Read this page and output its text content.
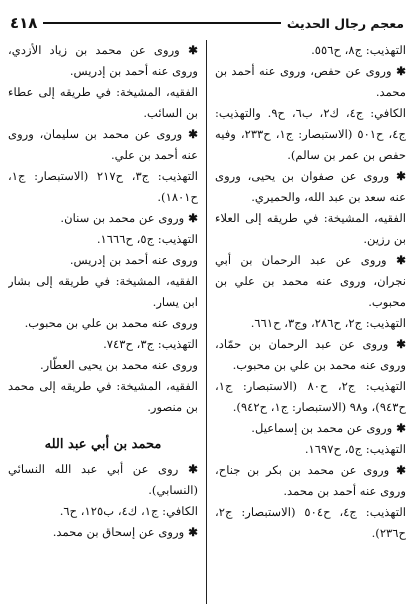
٤١٨	معجم رجال الحديث

التهذيب: ج٨، ح٥٥٦.

✱ وروى عن حفص، وروى عنه أحمد بن محمد.

الكافي: ج٤، ك٢، ب٦، ح٩. والتهذيب: ج٤، ح٥٠١ (الاستبصار: ج١، ح٢٣٣، وفيه حفص بن عمر بن سالم).

✱ وروى عن صفوان بن يحيى، وروى عنه سعد بن عبد الله، والحميري.

الفقيه، المشيخة: في طريقه إلى العلاء بن رزين.

✱ وروى عن عبد الرحمان بن أبي نجران، وروى عنه محمد بن علي بن محبوب.

التهذيب: ج٢، ح٢٨٦، وج٣، ح٦٦١.

✱ وروى عن عبد الرحمان بن حمّاد، وروى عنه محمد بن علي بن محبوب.

التهذيب: ج٢، ح٨٠ (الاستبصار: ج١، ح٩٤٣)، و٩٨ (الاستبصار: ج١، ح٩٤٢).

✱ وروى عن محمد بن إسماعيل.

التهذيب: ج٥، ح١٦٩٧.

✱ وروى عن محمد بن بكر بن جناح، وروى عنه أحمد بن محمد.

التهذيب: ج٤، ح٥٠٤ (الاستبصار: ج٢، ح٢٣٦).

✱ وروى عن محمد بن زياد الأزدي، وروى عنه أحمد بن إدريس.

الفقيه، المشيخة: في طريقه إلى عطاء بن السائب.

✱ وروى عن محمد بن سليمان، وروى عنه أحمد بن علي.

التهذيب: ج٣، ح٢١٧ (الاستبصار: ج١، ح١٨٠١).

✱ وروى عن محمد بن سنان.

التهذيب: ج٥، ح١٦٦٦.

وروى عنه أحمد بن إدريس.

الفقيه، المشيخة: في طريقه إلى بشار ابن يسار.

وروى عنه محمد بن علي بن محبوب.

التهذيب: ج٣، ح٧٤٣.

وروى عنه محمد بن يحيى العطّار.

الفقيه، المشيخة: في طريقه إلى محمد بن منصور.

محمد بن أبي عبد الله

✱ روى عن أبي عبد الله النسائي (النسابي).

الكافي: ج١، ك٤، ب١٢٥، ح٦.

✱ وروى عن إسحاق بن محمد.
